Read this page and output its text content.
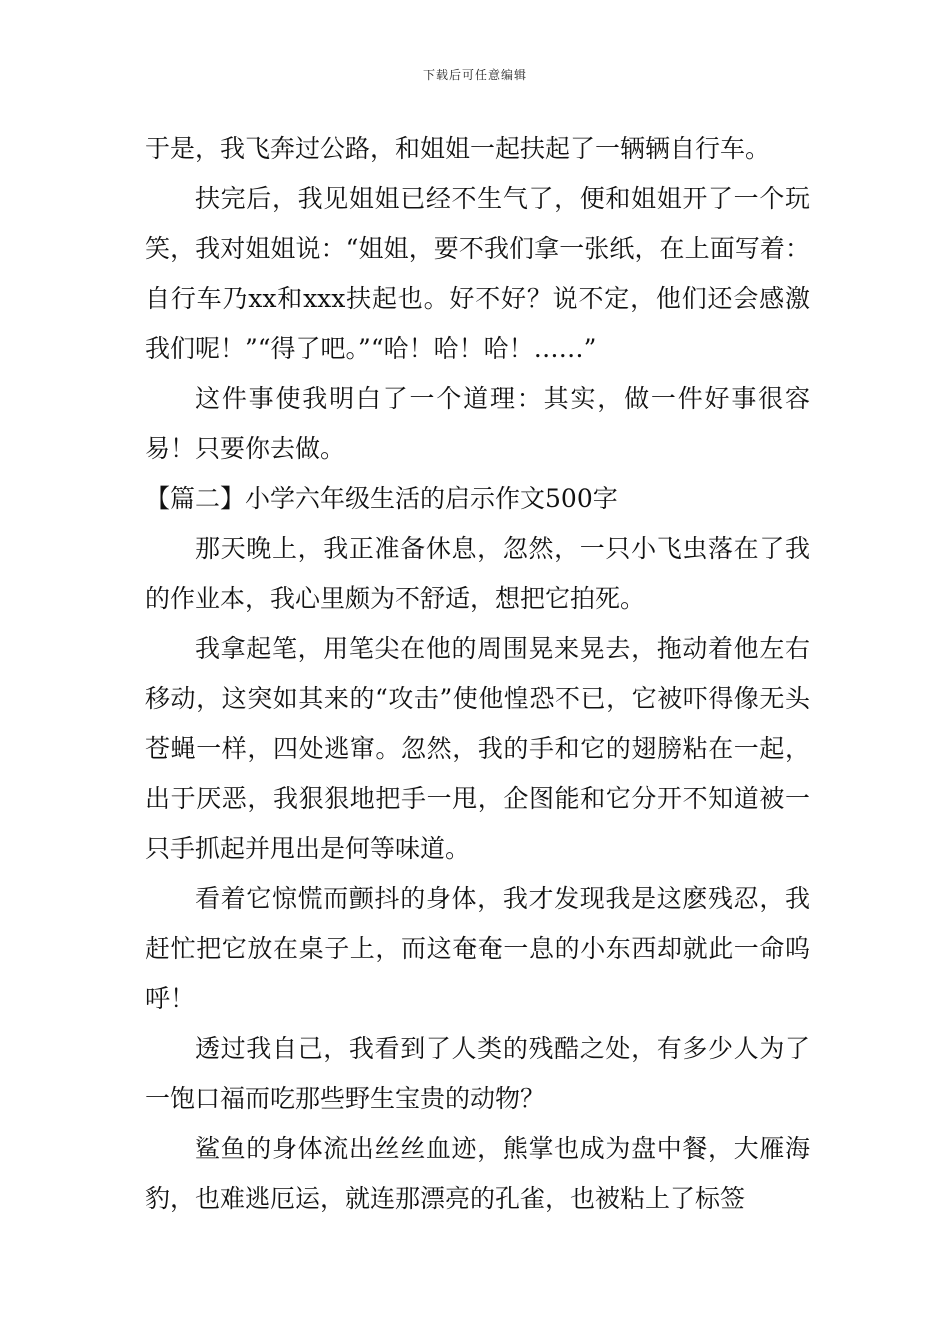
下载后可任意编辑

于是，我飞奔过公路，和姐姐一起扶起了一辆辆自行车。

扶完后，我见姐姐已经不生气了，便和姐姐开了一个玩笑，我对姐姐说：“姐姐，要不我们拿一张纸，在上面写着：自行车乃xx和xxx扶起也。好不好？说不定，他们还会感激我们呢！”“得了吧。”“哈！哈！哈！……”

这件事使我明白了一个道理：其实，做一件好事很容易！只要你去做。

【篇二】小学六年级生活的启示作文500字

那天晚上，我正准备休息，忽然，一只小飞虫落在了我的作业本，我心里颇为不舒适，想把它拍死。

我拿起笔，用笔尖在他的周围晃来晃去，拖动着他左右移动，这突如其来的“攻击”使他惶恐不已，它被吓得像无头苍蝇一样，四处逃窜。忽然，我的手和它的翅膀粘在一起，出于厌恶，我狠狠地把手一甩，企图能和它分开不知道被一只手抓起并甩出是何等味道。

看着它惊慌而颤抖的身体，我才发现我是这麽残忍，我赶忙把它放在桌子上，而这奄奄一息的小东西却就此一命呜呼！

透过我自己，我看到了人类的残酷之处，有多少人为了一饱口福而吃那些野生宝贵的动物？

鲨鱼的身体流出丝丝血迹，熊掌也成为盘中餐，大雁海豹，也难逃厄运，就连那漂亮的孔雀，也被粘上了标签
